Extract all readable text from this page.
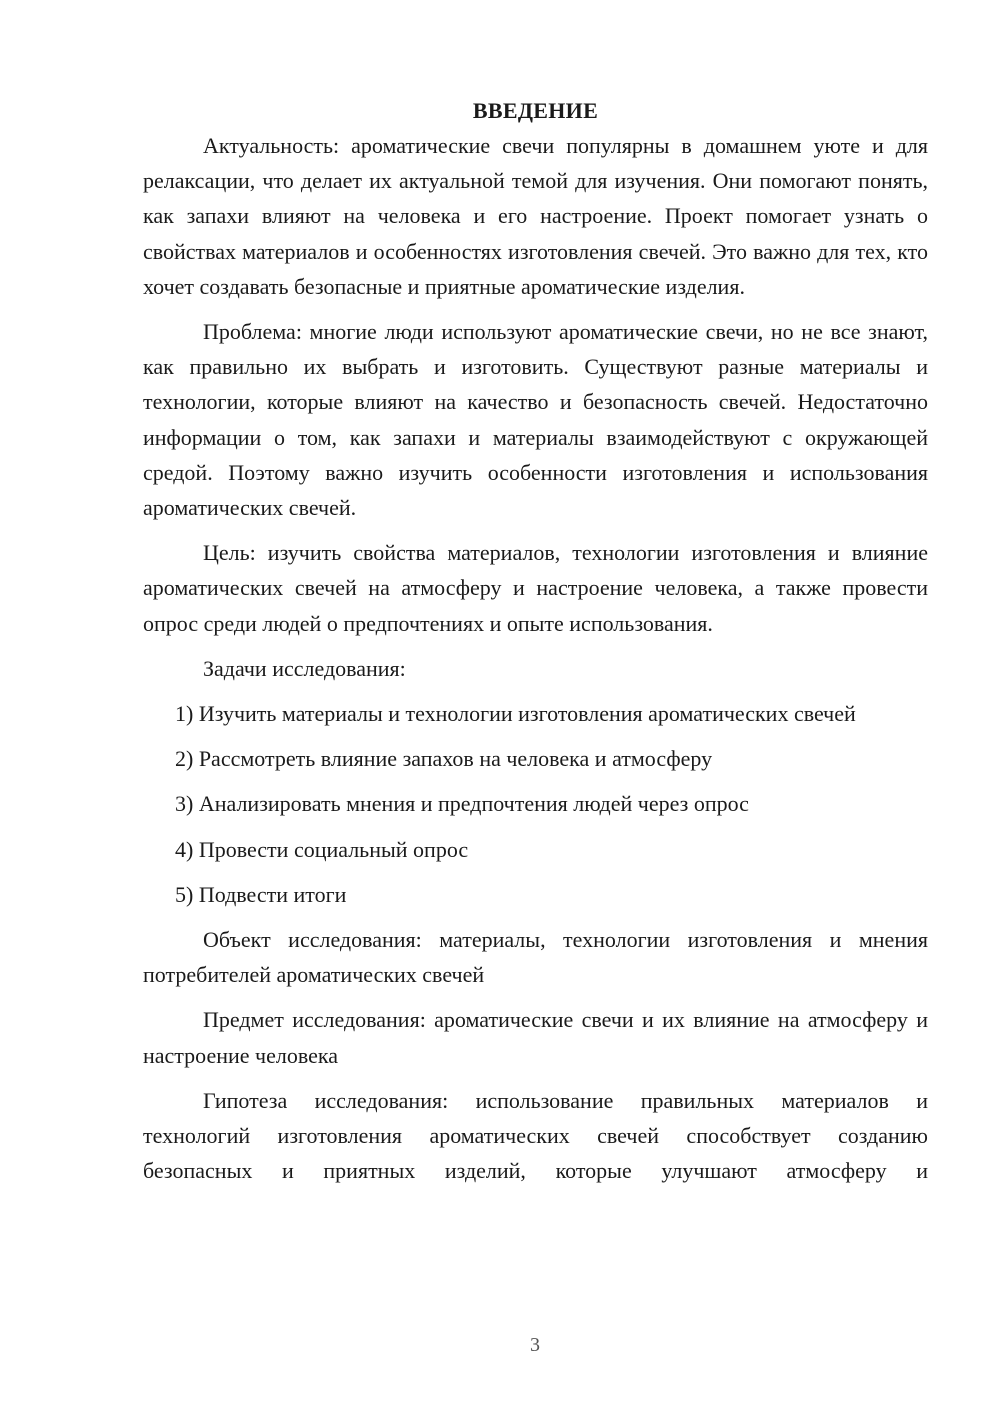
ВВЕДЕНИЕ

Актуальность: ароматические свечи популярны в домашнем уюте и для релаксации, что делает их актуальной темой для изучения. Они помогают понять, как запахи влияют на человека и его настроение. Проект помогает узнать о свойствах материалов и особенностях изготовления свечей. Это важно для тех, кто хочет создавать безопасные и приятные ароматические изделия.

Проблема: многие люди используют ароматические свечи, но не все знают, как правильно их выбрать и изготовить. Существуют разные материалы и технологии, которые влияют на качество и безопасность свечей. Недостаточно информации о том, как запахи и материалы взаимодействуют с окружающей средой. Поэтому важно изучить особенности изготовления и использования ароматических свечей.

Цель: изучить свойства материалов, технологии изготовления и влияние ароматических свечей на атмосферу и настроение человека, а также провести опрос среди людей о предпочтениях и опыте использования.

Задачи исследования:

1) Изучить материалы и технологии изготовления ароматических свечей

2) Рассмотреть влияние запахов на человека и атмосферу

3) Анализировать мнения и предпочтения людей через опрос

4) Провести социальный опрос

5) Подвести итоги

Объект исследования: материалы, технологии изготовления и мнения потребителей ароматических свечей

Предмет исследования: ароматические свечи и их влияние на атмосферу и настроение человека

Гипотеза исследования: использование правильных материалов и технологий изготовления ароматических свечей способствует созданию безопасных и приятных изделий, которые улучшают атмосферу и

3
